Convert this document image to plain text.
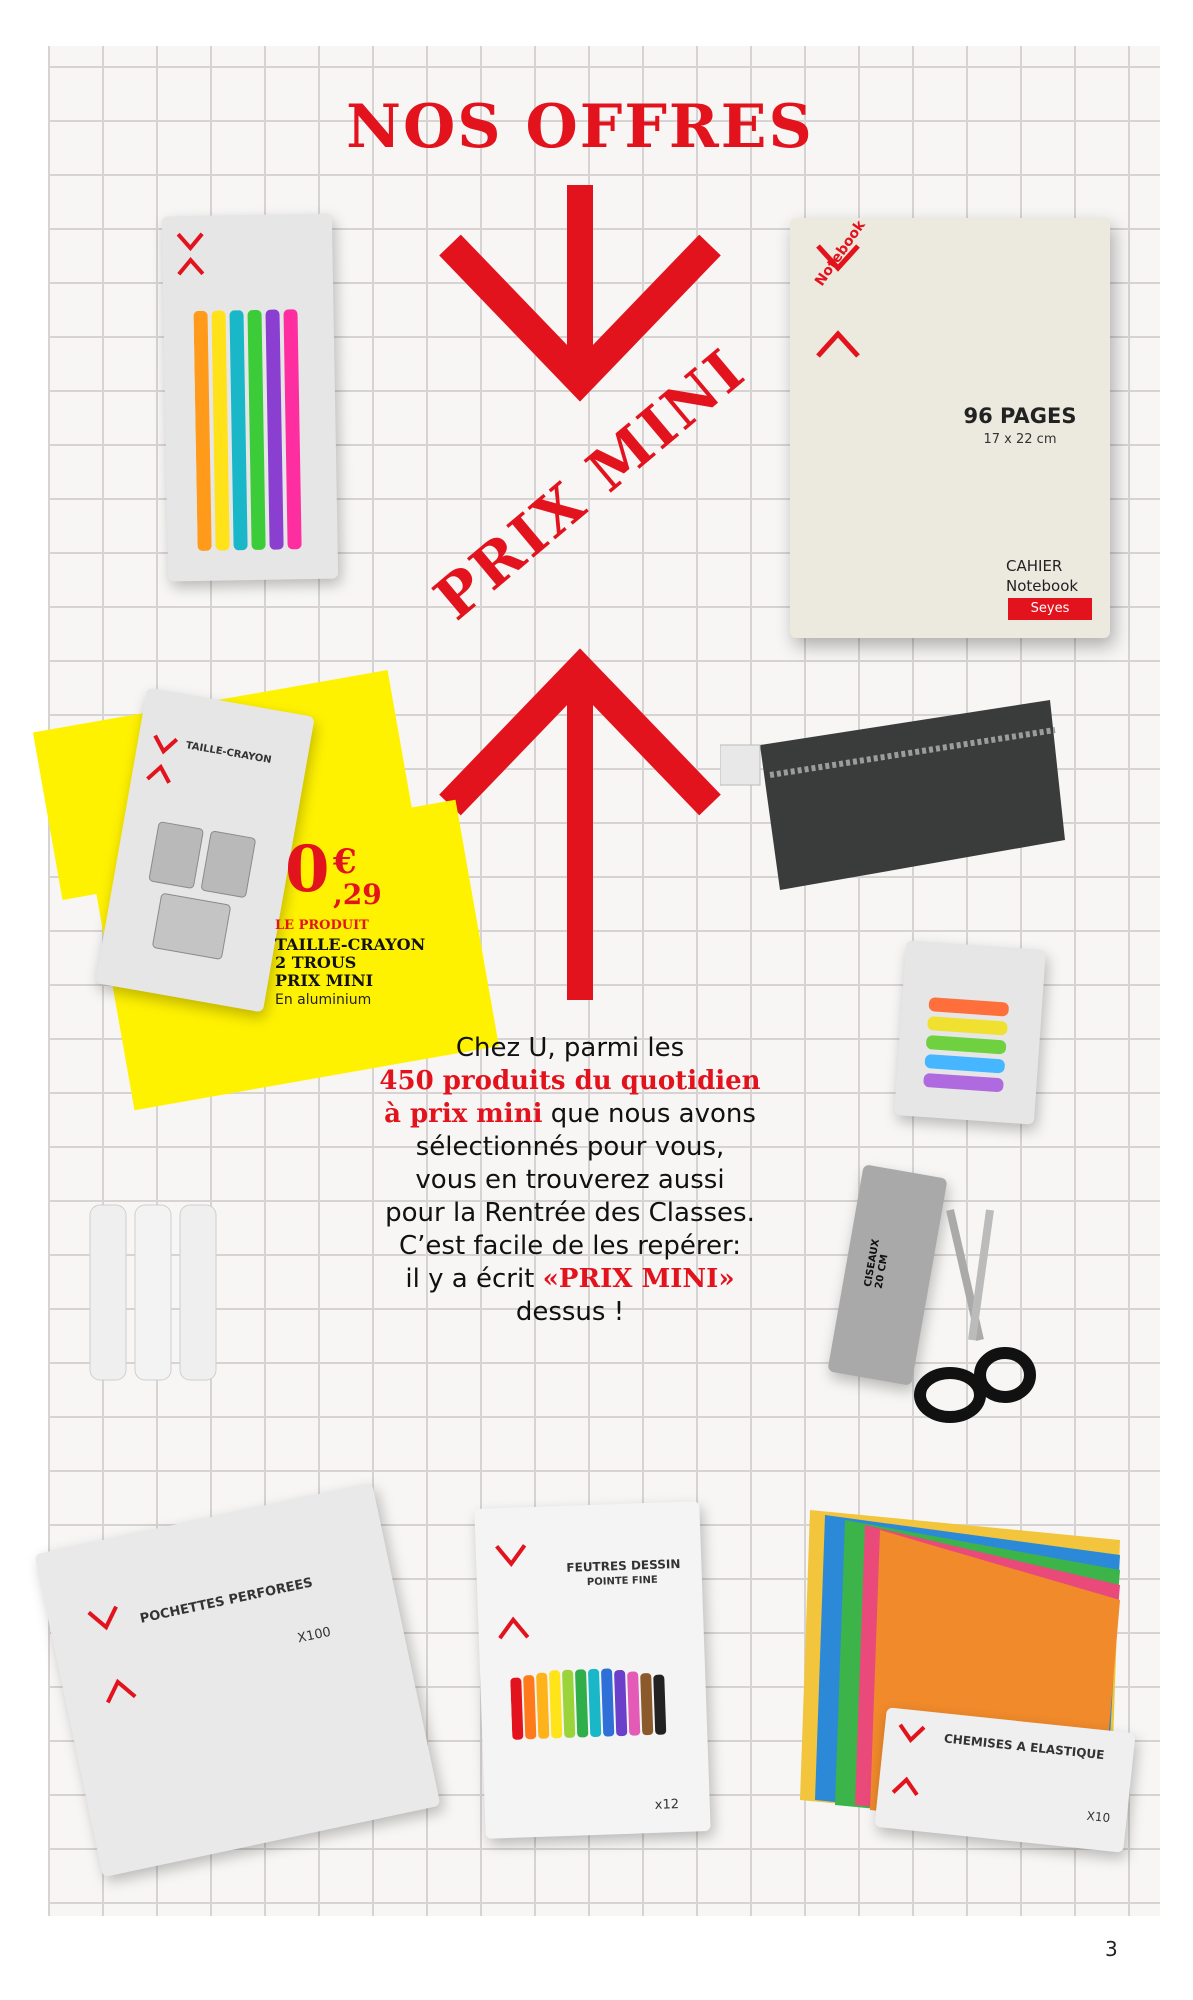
NOS OFFRES
PRIX MINI
Notebook
96 PAGES
17 x 22 cm
CAHIER
Notebook
Seyes
TAILLE-CRAYON
0 €
,29
LE PRODUIT
TAILLE-CRAYON
2 TROUS
PRIX MINI
En aluminium
CISEAUX 20 CM
Chez U, parmi les
450 produits du quotidien
à prix mini que nous avons
sélectionnés pour vous,
vous en trouverez aussi
pour la Rentrée des Classes.
C’est facile de les repérer:
il y a écrit «PRIX MINI»
dessus !
POCHETTES PERFOREES
X100
FEUTRES DESSIN
POINTE FINE
x12
CHEMISES A ELASTIQUE
X10
3
